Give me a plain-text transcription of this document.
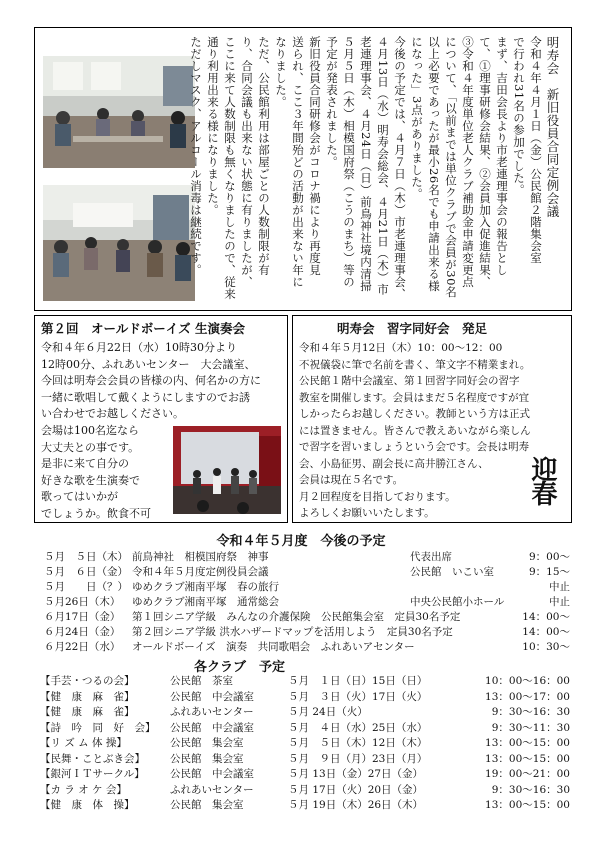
明寿会　新旧役員合同定例会議

令和４年４月１日（金）公民館２階集会室

で行われ31名の参加でした。

まず、吉田会長より市老連理事会の報告とし

て、①理事研修会結果、②会員加入促進結果、

③令和４年度単位老人クラブ補助金申請変更点

について、「以前までは単位クラブで会員が30名

以上必要であったが最小26名でも申請出来る様

になった」3点がありました。

今後の予定では、４月７日（木）市老連理事会、

４月13日（水）明寿会総会、４月21日（木）市

老連理事会、４月24日（日）前鳥神社境内清掃

５月５日（木）相模国府祭（こうのまち）等の

予定が発表されました。

新旧役員合同研修会がコロナ禍により再度見

送られ、ここ３年間殆どの活動が出来ない年に

なりました。

ただ、公民館利用は部屋ごとの人数制限が有

り、合同会議も出来ない状態に有りましたが、

ここに来て人数制限も無くなりましたので、従来

通り利用出来る様になりました。

ただしマスク、アルコール消毒は継続です。

第２回　オールドボーイズ 生演奏会
令和４年６月22日（水）10時30分より
12時00分、ふれあいセンター　大会議室、
今回は明寿会会員の皆様の内、何名かの方に
一緒に歌唱して戴くようにしますのでお誘
い合わせでお越しください。
会場は100名迄なら
大丈夫との事です。
是非に来て自分の
好きな歌を生演奏で
歌ってはいかが
でしょうか。飲食不可
明寿会　習字同好会　発足
令和４年５月12日（木）10：00～12：00
不祝儀袋に筆で名前を書く、筆文字不精業まれ。
公民館１階中会議室、第１回習字同好会の習字
教室を開催します。会員はまだ５名程度ですが宜
しかったらお越しください。教師という方は正式
には置きません。皆さんで教えあいながら楽しん
で習字を習いましょうという会です。会長は明寿
会、小島征男、副会長に高井勝江さん、
会員は現在５名です。
月２回程度を目指しております。
よろしくお願いいたします。
迎春
令和４年５月度　今後の予定
５月　５日（木）	前鳥神社　相模国府祭　神事	代表出席	9：00～
５月　６日（金）	令和４年５月度定例役員会議	公民館　いこい室	9：15～
５月　　日（？）	ゆめクラブ湘南平塚　春の旅行		中止
５月26日（木）	ゆめクラブ湘南平塚　通常総会	中央公民館小ホール	中止
６月17日（金）	第１回シニア学級　みんなの介護保険　公民館集会室　定員30名予定		14：00～
６月24日（金）	第２回シニア学級 洪水ハザードマップを活用しよう　定員30名予定		14：00～
６月22日（水）	オールドボーイズ　演奏　共同歌唱会　ふれあいアセンター		10：30～
各クラブ　予定
【手芸・つるの会】	公民館　茶室	５月　１日（日）15日（日）	10：00～16：00
【健　康　麻　雀】	公民館　中会議室	５月　３日（火）17日（火）	13：00～17：00
【健　康　麻　雀】	ふれあいセンター	５月 24日（火）	9：30～16：30
【詩　吟　同　好　会】	公民館　中会議室	５月　４日（水）25日（水）	9：30～11：30
【リ ズ ム 体 操】	公民館　集会室	５月　５日（木）12日（木）	13：00～15：00
【民舞・ことぶき会】	公民館　集会室	５月　９日（月）23日（月）	13：00～15：00
【銀河ＩＴサークル】	公民館　中会議室	５月 13日（金）27日（金）	19：00～21：00
【カ ラ オ ケ 会】	ふれあいセンター	５月 17日（火）20日（金）	9：30～16：30
【健　康　体　操】	公民館　集会室	５月 19日（木）26日（木）	13：00～15：00
